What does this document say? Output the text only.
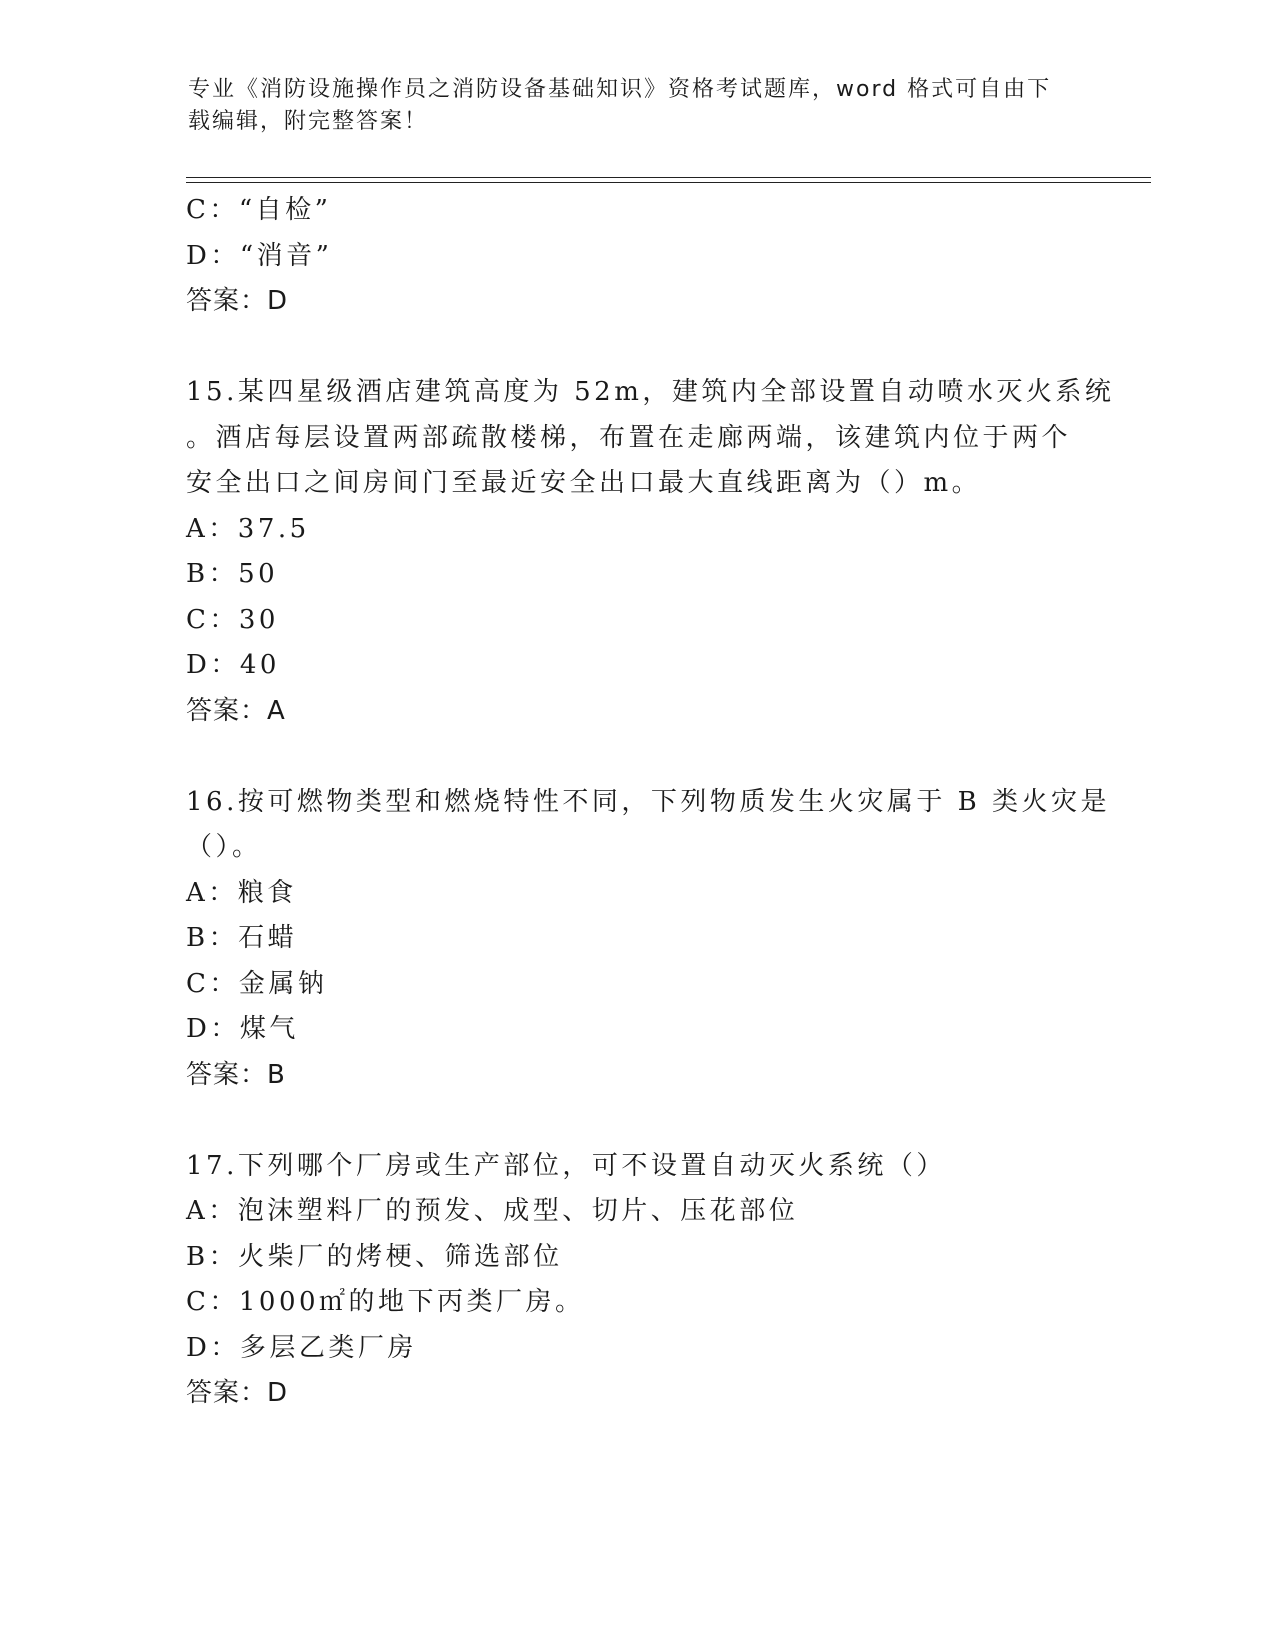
专业《消防设施操作员之消防设备基础知识》资格考试题库，word 格式可自由下
载编辑，附完整答案！
C：“自检”
D：“消音”
答案：D
15.某四星级酒店建筑高度为 52m，建筑内全部设置自动喷水灭火系统
。酒店每层设置两部疏散楼梯，布置在走廊两端，该建筑内位于两个
安全出口之间房间门至最近安全出口最大直线距离为（）m。
A：37.5
B：50
C：30
D：40
答案：A
16.按可燃物类型和燃烧特性不同，下列物质发生火灾属于 B 类火灾是
（）。
A：粮食
B：石蜡
C：金属钠
D：煤气
答案：B
17.下列哪个厂房或生产部位，可不设置自动灭火系统（）
A：泡沫塑料厂的预发、成型、切片、压花部位
B：火柴厂的烤梗、筛选部位
C：1000㎡的地下丙类厂房。
D：多层乙类厂房
答案：D
